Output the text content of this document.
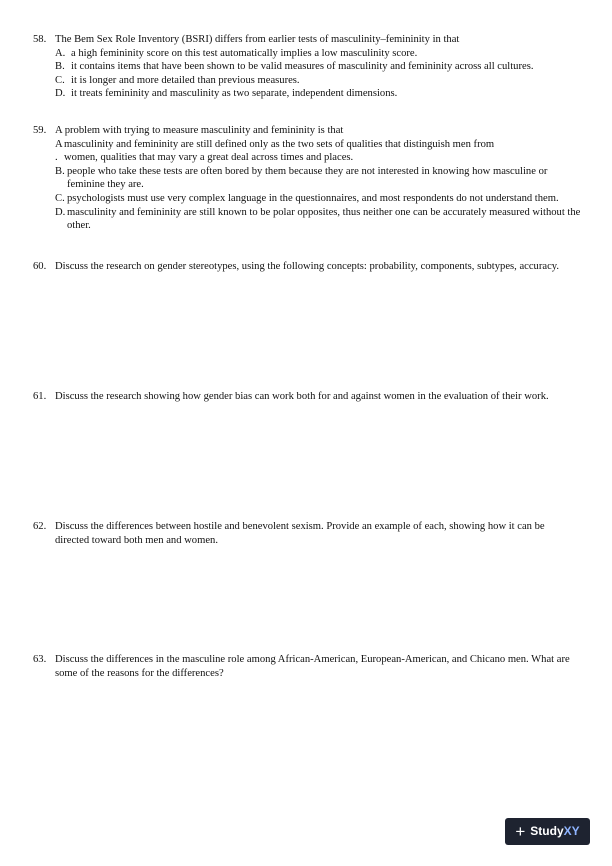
58. The Bem Sex Role Inventory (BSRI) differs from earlier tests of masculinity–femininity in that
A. a high femininity score on this test automatically implies a low masculinity score.
B. it contains items that have been shown to be valid measures of masculinity and femininity across all cultures.
C. it is longer and more detailed than previous measures.
D. it treats femininity and masculinity as two separate, independent dimensions.
59. A problem with trying to measure masculinity and femininity is that
A masculinity and femininity are still defined only as the two sets of qualities that distinguish men from
. women, qualities that may vary a great deal across times and places.
B. people who take these tests are often bored by them because they are not interested in knowing how masculine or feminine they are.
C. psychologists must use very complex language in the questionnaires, and most respondents do not understand them.
D. masculinity and femininity are still known to be polar opposites, thus neither one can be accurately measured without the other.
60. Discuss the research on gender stereotypes, using the following concepts: probability, components, subtypes, accuracy.
61. Discuss the research showing how gender bias can work both for and against women in the evaluation of their work.
62. Discuss the differences between hostile and benevolent sexism. Provide an example of each, showing how it can be directed toward both men and women.
63. Discuss the differences in the masculine role among African-American, European-American, and Chicano men. What are some of the reasons for the differences?
+ Study XY
